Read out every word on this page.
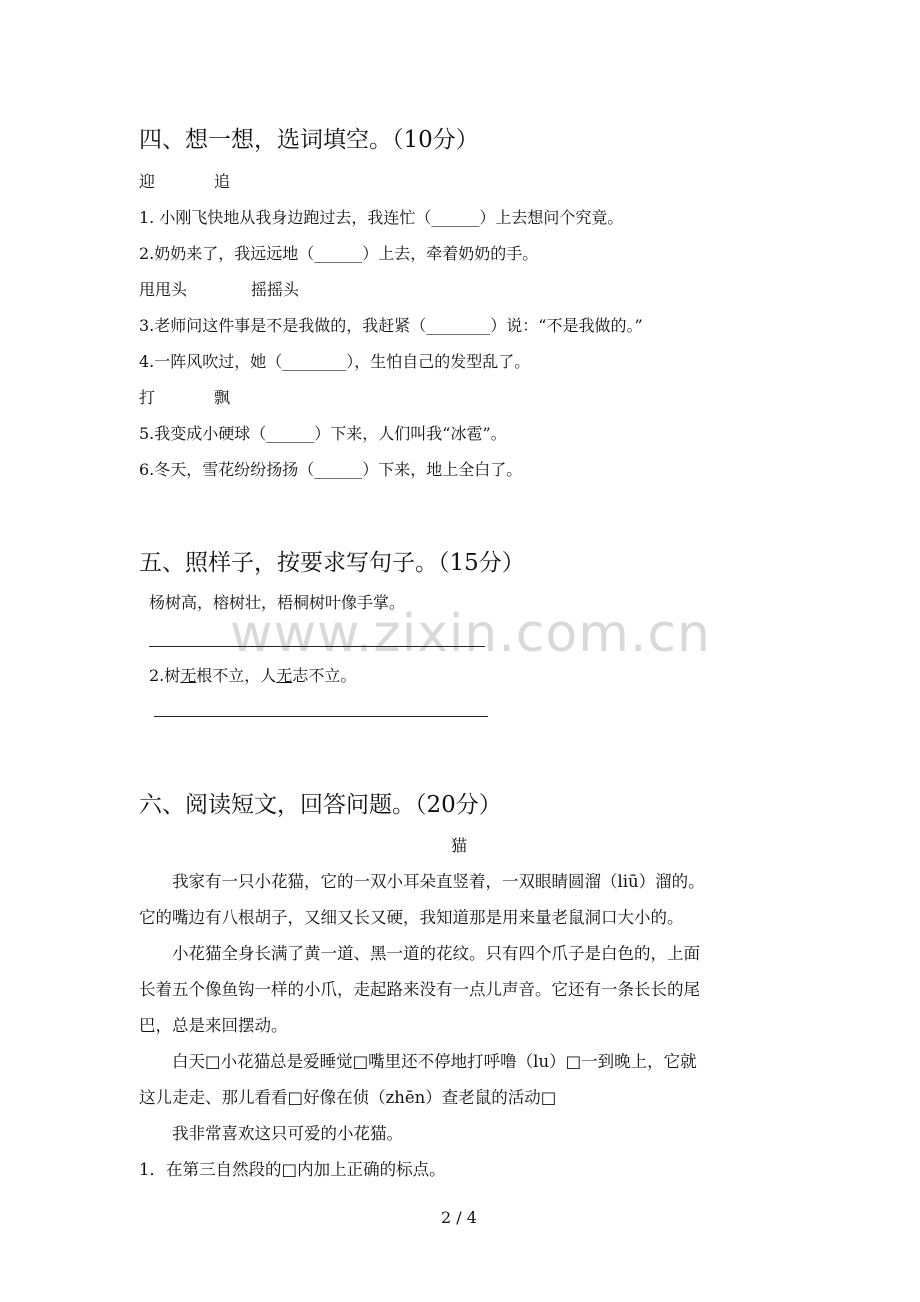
www.zixin.com.cn
四、想一想，选词填空。（10分）
迎	追
1. 小刚飞快地从我身边跑过去，我连忙（______）上去想问个究竟。
2.奶奶来了，我远远地（______）上去，牵着奶奶的手。
甩甩头	摇摇头
3.老师问这件事是不是我做的，我赶紧（________）说：“不是我做的。”
4.一阵风吹过，她（________），生怕自己的发型乱了。
打	飘
5.我变成小硬球（______）下来，人们叫我“冰雹”。
6.冬天，雪花纷纷扬扬（______）下来，地上全白了。
五、照样子，按要求写句子。（15分）
杨树高，榕树壮，梧桐树叶像手掌。
2.树无根不立，人无志不立。
六、阅读短文，回答问题。（20分）
猫
我家有一只小花猫，它的一双小耳朵直竖着，一双眼睛圆溜（liū）溜的。
它的嘴边有八根胡子，又细又长又硬，我知道那是用来量老鼠洞口大小的。
小花猫全身长满了黄一道、黑一道的花纹。只有四个爪子是白色的，上面
长着五个像鱼钩一样的小爪，走起路来没有一点儿声音。它还有一条长长的尾
巴，总是来回摆动。
白天□小花猫总是爱睡觉□嘴里还不停地打呼噜（lu）□一到晚上，它就
这儿走走、那儿看看□好像在侦（zhēn）查老鼠的活动□
我非常喜欢这只可爱的小花猫。
1．在第三自然段的□内加上正确的标点。
2 / 4
